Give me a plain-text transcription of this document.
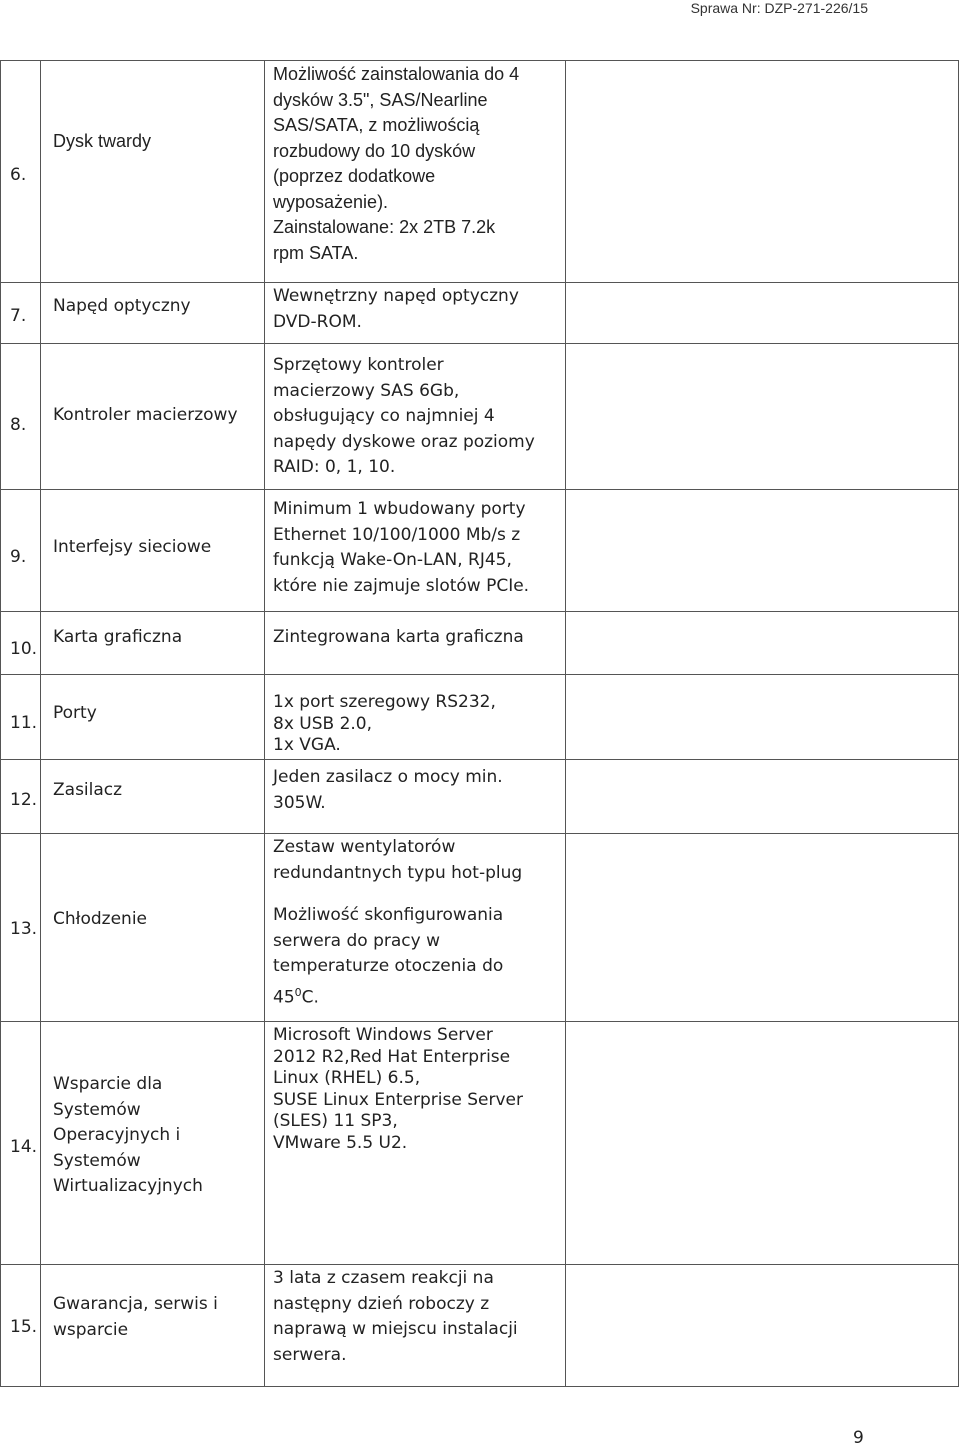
Sprawa Nr: DZP-271-226/15
6.
Dysk twardy
Możliwość zainstalowania do 4
dysków 3.5", SAS/Nearline
SAS/SATA, z możliwością
rozbudowy do 10 dysków
(poprzez dodatkowe
wyposażenie).
Zainstalowane: 2x 2TB 7.2k
rpm SATA.
7. Napęd optyczny	Wewnętrzny napęd optyczny
DVD-ROM.
8. Kontroler macierzowy
Sprzętowy kontroler
macierzowy SAS 6Gb,
obsługujący co najmniej 4
napędy dyskowe oraz poziomy
RAID: 0, 1, 10.
9. Interfejsy sieciowe
Minimum 1 wbudowany porty
Ethernet 10/100/1000 Mb/s z
funkcją Wake-On-LAN, RJ45,
które nie zajmuje slotów PCIe.
10.
Karta graficzna	Zintegrowana karta graficzna
11. Porty
1x port szeregowy RS232,
8x USB 2.0,
1x VGA.
12. Zasilacz
Jeden zasilacz o mocy min.
305W.
13. Chłodzenie
Zestaw wentylatorów
redundantnych typu hot-plug
Możliwość skonfigurowania
serwera do pracy w
temperaturze otoczenia do
$45^0C$.
14.
Wsparcie dla
Systemów
Operacyjnych i
Systemów
Wirtualizacyjnych
Microsoft Windows Server
2012 R2,Red Hat Enterprise
Linux (RHEL) 6.5,
SUSE Linux Enterprise Server
(SLES) 11 SP3,
VMware 5.5 U2.
15.
Gwarancja, serwis i
wsparcie
3 lata z czasem reakcji na
następny dzień roboczy z
naprawą w miejscu instalacji
serwera.
9
